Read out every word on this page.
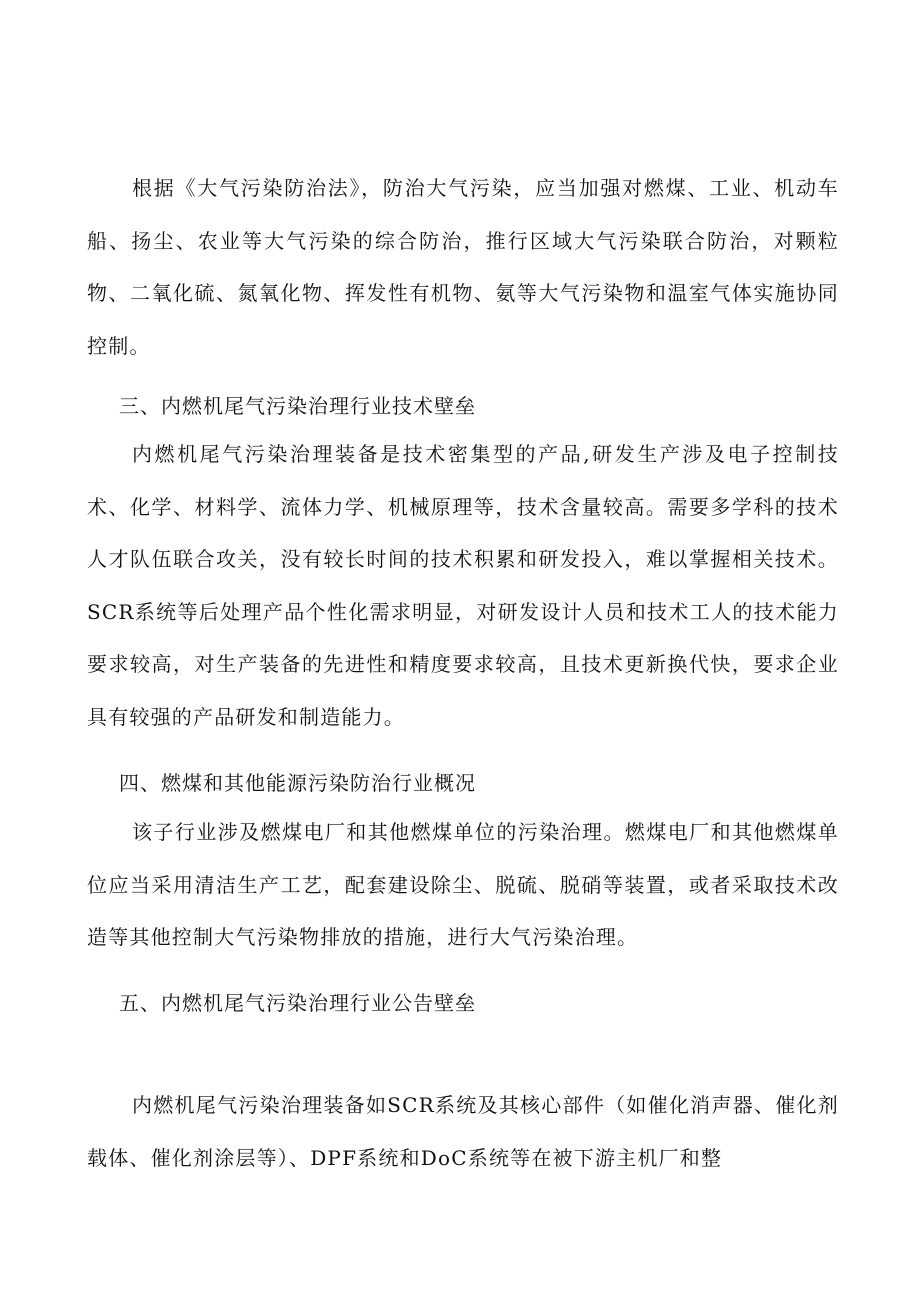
根据《大气污染防治法》，防治大气污染，应当加强对燃煤、工业、机动车船、扬尘、农业等大气污染的综合防治，推行区域大气污染联合防治，对颗粒物、二氧化硫、氮氧化物、挥发性有机物、氨等大气污染物和温室气体实施协同控制。

三、内燃机尾气污染治理行业技术壁垒

内燃机尾气污染治理装备是技术密集型的产品,研发生产涉及电子控制技术、化学、材料学、流体力学、机械原理等，技术含量较高。需要多学科的技术人才队伍联合攻关，没有较长时间的技术积累和研发投入，难以掌握相关技术。SCR系统等后处理产品个性化需求明显，对研发设计人员和技术工人的技术能力要求较高，对生产装备的先进性和精度要求较高，且技术更新换代快，要求企业具有较强的产品研发和制造能力。

四、燃煤和其他能源污染防治行业概况

该子行业涉及燃煤电厂和其他燃煤单位的污染治理。燃煤电厂和其他燃煤单位应当采用清洁生产工艺，配套建设除尘、脱硫、脱硝等装置，或者采取技术改造等其他控制大气污染物排放的措施，进行大气污染治理。

五、内燃机尾气污染治理行业公告壁垒

内燃机尾气污染治理装备如SCR系统及其核心部件（如催化消声器、催化剂载体、催化剂涂层等）、DPF系统和DoC系统等在被下游主机厂和整
